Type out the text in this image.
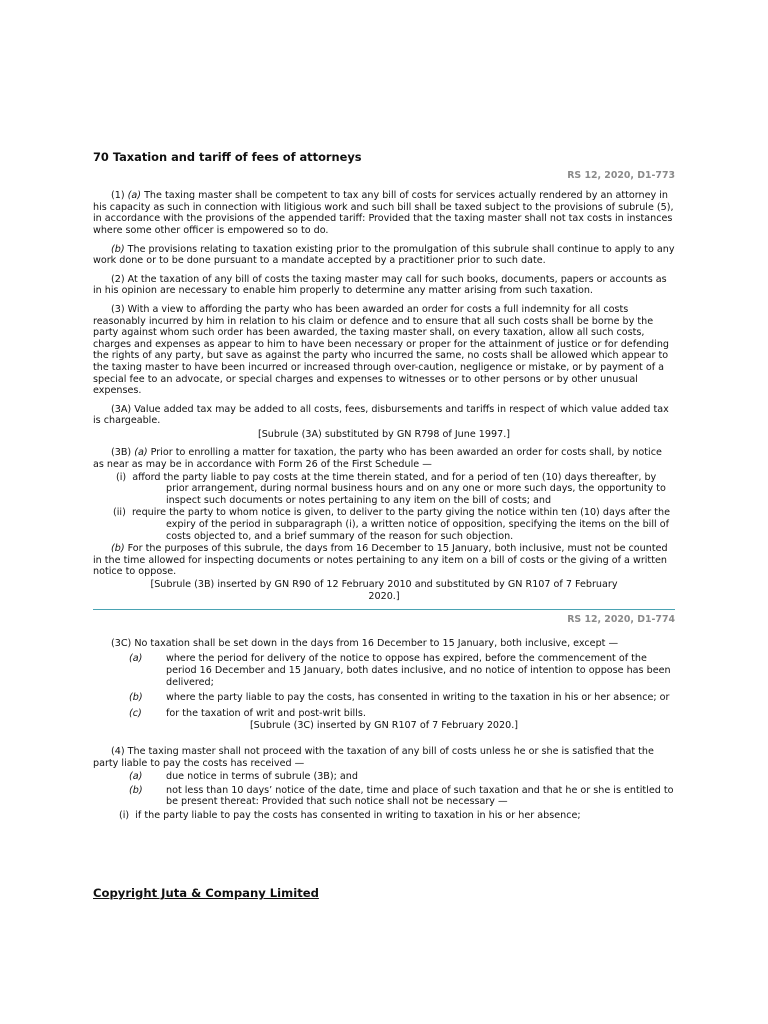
70 Taxation and tariff of fees of attorneys
RS 12, 2020, D1-773

(1) (a) The taxing master shall be competent to tax any bill of costs for services actually rendered by an attorney in his capacity as such in connection with litigious work and such bill shall be taxed subject to the provisions of subrule (5), in accordance with the provisions of the appended tariff: Provided that the taxing master shall not tax costs in instances where some other officer is empowered so to do.

(b) The provisions relating to taxation existing prior to the promulgation of this subrule shall continue to apply to any work done or to be done pursuant to a mandate accepted by a practitioner prior to such date.

(2) At the taxation of any bill of costs the taxing master may call for such books, documents, papers or accounts as in his opinion are necessary to enable him properly to determine any matter arising from such taxation.

(3) With a view to affording the party who has been awarded an order for costs a full indemnity for all costs reasonably incurred by him in relation to his claim or defence and to ensure that all such costs shall be borne by the party against whom such order has been awarded, the taxing master shall, on every taxation, allow all such costs, charges and expenses as appear to him to have been necessary or proper for the attainment of justice or for defending the rights of any party, but save as against the party who incurred the same, no costs shall be allowed which appear to the taxing master to have been incurred or increased through over-caution, negligence or mistake, or by payment of a special fee to an advocate, or special charges and expenses to witnesses or to other persons or by other unusual expenses.

(3A) Value added tax may be added to all costs, fees, disbursements and tariffs in respect of which value added tax is chargeable.

[Subrule (3A) substituted by GN R798 of June 1997.]

(3B) (a) Prior to enrolling a matter for taxation, the party who has been awarded an order for costs shall, by notice as near as may be in accordance with Form 26 of the First Schedule —

(i) afford the party liable to pay costs at the time therein stated, and for a period of ten (10) days thereafter, by prior arrangement, during normal business hours and on any one or more such days, the opportunity to inspect such documents or notes pertaining to any item on the bill of costs; and
(ii) require the party to whom notice is given, to deliver to the party giving the notice within ten (10) days after the expiry of the period in subparagraph (i), a written notice of opposition, specifying the items on the bill of costs objected to, and a brief summary of the reason for such objection.

(b) For the purposes of this subrule, the days from 16 December to 15 January, both inclusive, must not be counted in the time allowed for inspecting documents or notes pertaining to any item on a bill of costs or the giving of a written notice to oppose.

[Subrule (3B) inserted by GN R90 of 12 February 2010 and substituted by GN R107 of 7 February 2020.]
RS 12, 2020, D1-774

(3C) No taxation shall be set down in the days from 16 December to 15 January, both inclusive, except —

(a)	where the period for delivery of the notice to oppose has expired, before the commencement of the period 16 December and 15 January, both dates inclusive, and no notice of intention to oppose has been delivered;
(b)	where the party liable to pay the costs, has consented in writing to the taxation in his or her absence; or
(c)	for the taxation of writ and post-writ bills.
[Subrule (3C) inserted by GN R107 of 7 February 2020.]

(4) The taxing master shall not proceed with the taxation of any bill of costs unless he or she is satisfied that the party liable to pay the costs has received —

(a)	due notice in terms of subrule (3B); and
(b)	not less than 10 days’ notice of the date, time and place of such taxation and that he or she is entitled to be present thereat: Provided that such notice shall not be necessary —
(i) if the party liable to pay the costs has consented in writing to taxation in his or her absence;
Copyright Juta & Company Limited
